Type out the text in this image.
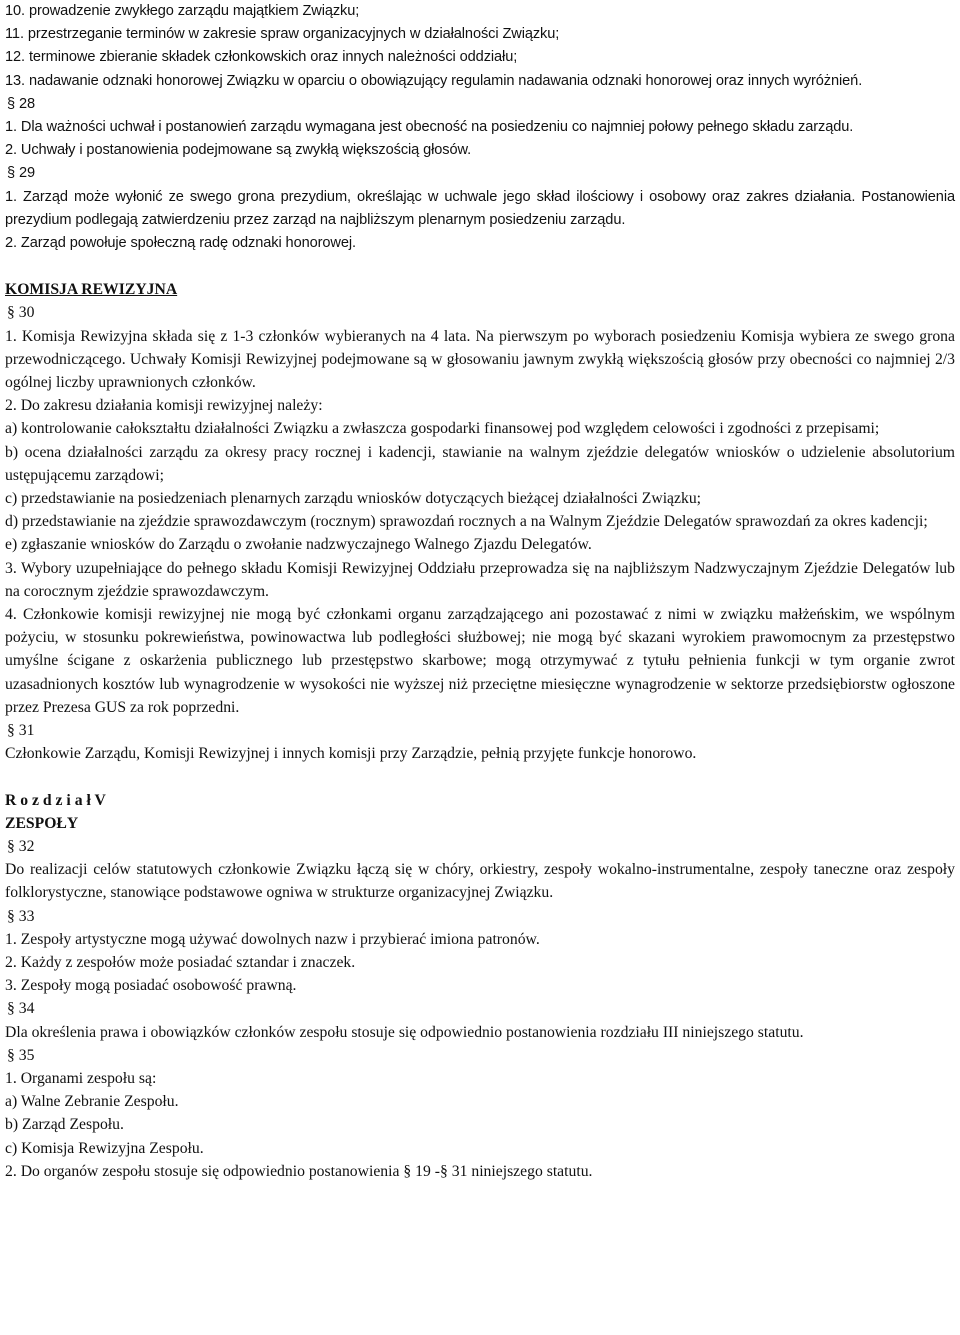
10. prowadzenie zwykłego zarządu majątkiem Związku;

11. przestrzeganie terminów w zakresie spraw organizacyjnych w działalności Związku;

12. terminowe zbieranie składek członkowskich oraz innych należności oddziału;

13. nadawanie odznaki honorowej Związku w oparciu o obowiązujący regulamin nadawania odznaki honorowej oraz innych wyróżnień.

§ 28

1. Dla ważności uchwał i postanowień zarządu wymagana jest obecność na posiedzeniu co najmniej połowy pełnego składu zarządu.

2. Uchwały i postanowienia podejmowane są zwykłą większością głosów.

§ 29

1. Zarząd może wyłonić ze swego grona prezydium, określając w uchwale jego skład ilościowy i osobowy oraz zakres działania. Postanowienia prezydium podlegają zatwierdzeniu przez zarząd na najbliższym plenarnym posiedzeniu zarządu.

2. Zarząd powołuje społeczną radę odznaki honorowej.

KOMISJA REWIZYJNA

§ 30

1. Komisja Rewizyjna składa się z 1-3 członków wybieranych na 4 lata. Na pierwszym po wyborach posiedzeniu Komisja wybiera ze swego grona przewodniczącego. Uchwały Komisji Rewizyjnej podejmowane są w głosowaniu jawnym zwykłą większością głosów przy obecności co najmniej 2/3 ogólnej liczby uprawnionych członków.

2. Do zakresu działania komisji rewizyjnej należy:

a) kontrolowanie całokształtu działalności Związku a zwłaszcza gospodarki finansowej pod względem celowości i zgodności z przepisami;

b) ocena działalności zarządu za okresy pracy rocznej i kadencji, stawianie na walnym zjeździe delegatów wniosków o udzielenie absolutorium ustępującemu zarządowi;

c) przedstawianie na posiedzeniach plenarnych zarządu wniosków dotyczących bieżącej działalności Związku;

d) przedstawianie na zjeździe sprawozdawczym (rocznym) sprawozdań rocznych a na Walnym Zjeździe Delegatów sprawozdań za okres kadencji;

e) zgłaszanie wniosków do Zarządu o zwołanie nadzwyczajnego Walnego Zjazdu Delegatów.

3. Wybory uzupełniające do pełnego składu Komisji Rewizyjnej Oddziału przeprowadza się na najbliższym Nadzwyczajnym Zjeździe Delegatów lub na corocznym zjeździe sprawozdawczym.

4. Członkowie komisji rewizyjnej nie mogą być członkami organu zarządzającego ani pozostawać z nimi w związku małżeńskim, we wspólnym pożyciu, w stosunku pokrewieństwa, powinowactwa lub podległości służbowej; nie mogą być skazani wyrokiem prawomocnym za przestępstwo umyślne ścigane z oskarżenia publicznego lub przestępstwo skarbowe; mogą otrzymywać z tytułu pełnienia funkcji w tym organie zwrot uzasadnionych kosztów lub wynagrodzenie w wysokości nie wyższej niż przeciętne miesięczne wynagrodzenie w sektorze przedsiębiorstw ogłoszone przez Prezesa GUS za rok poprzedni.

§ 31

Członkowie Zarządu, Komisji Rewizyjnej i innych komisji przy Zarządzie, pełnią przyjęte funkcje honorowo.

R o z d z i a ł V

ZESPOŁY

§ 32

Do realizacji celów statutowych członkowie Związku łączą się w chóry, orkiestry, zespoły wokalno-instrumentalne, zespoły taneczne oraz zespoły folklorystyczne, stanowiące podstawowe ogniwa w strukturze organizacyjnej Związku.

§ 33

1. Zespoły artystyczne mogą używać dowolnych nazw i przybierać imiona patronów.

2. Każdy z zespołów może posiadać sztandar i znaczek.

3. Zespoły mogą posiadać osobowość prawną.

§ 34

Dla określenia prawa i obowiązków członków zespołu stosuje się odpowiednio postanowienia rozdziału III niniejszego statutu.

§ 35

1. Organami zespołu są:

a) Walne Zebranie Zespołu.

b) Zarząd Zespołu.

c) Komisja Rewizyjna Zespołu.

2. Do organów zespołu stosuje się odpowiednio postanowienia § 19 -§ 31 niniejszego statutu.
